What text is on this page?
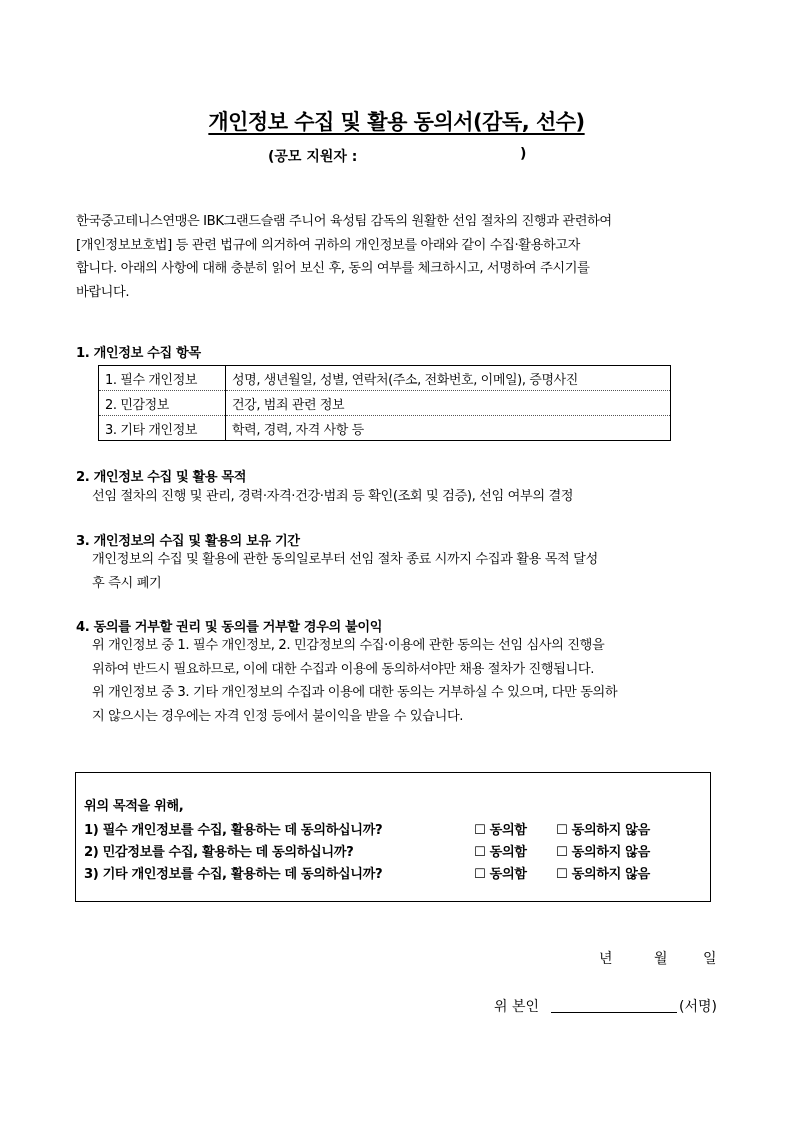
개인정보 수집 및 활용 동의서(감독, 선수)
(공모 지원자 :	)
한국중고테니스연맹은 IBK그랜드슬램 주니어 육성팀 감독의 원활한 선임 절차의 진행과 관련하여
[개인정보보호법] 등 관련 법규에 의거하여 귀하의 개인정보를 아래와 같이 수집·활용하고자
합니다. 아래의 사항에 대해 충분히 읽어 보신 후, 동의 여부를 체크하시고, 서명하여 주시기를
바랍니다.
1. 개인정보 수집 항목
1. 필수 개인정보	성명, 생년월일, 성별, 연락처(주소, 전화번호, 이메일), 증명사진
2. 민감정보	건강, 범죄 관련 정보
3. 기타 개인정보	학력, 경력, 자격 사항 등
2. 개인정보 수집 및 활용 목적
선임 절차의 진행 및 관리, 경력·자격·건강·범죄 등 확인(조회 및 검증), 선임 여부의 결정
3. 개인정보의 수집 및 활용의 보유 기간
개인정보의 수집 및 활용에 관한 동의일로부터 선임 절차 종료 시까지 수집과 활용 목적 달성
후 즉시 폐기
4. 동의를 거부할 권리 및 동의를 거부할 경우의 불이익
위 개인정보 중 1. 필수 개인정보, 2. 민감정보의 수집·이용에 관한 동의는 선임 심사의 진행을
위하여 반드시 필요하므로, 이에 대한 수집과 이용에 동의하셔야만 채용 절차가 진행됩니다.
위 개인정보 중 3. 기타 개인정보의 수집과 이용에 대한 동의는 거부하실 수 있으며, 다만 동의하
지 않으시는 경우에는 자격 인정 등에서 불이익을 받을 수 있습니다.
위의 목적을 위해,
1) 필수 개인정보를 수집, 활용하는 데 동의하십니까?	☐ 동의함 ☐ 동의하지 않음
2) 민감정보를 수집, 활용하는 데 동의하십니까?	☐ 동의함 ☐ 동의하지 않음
3) 기타 개인정보를 수집, 활용하는 데 동의하십니까?	☐ 동의함 ☐ 동의하지 않음
년	월	일
위 본인	(서명)
